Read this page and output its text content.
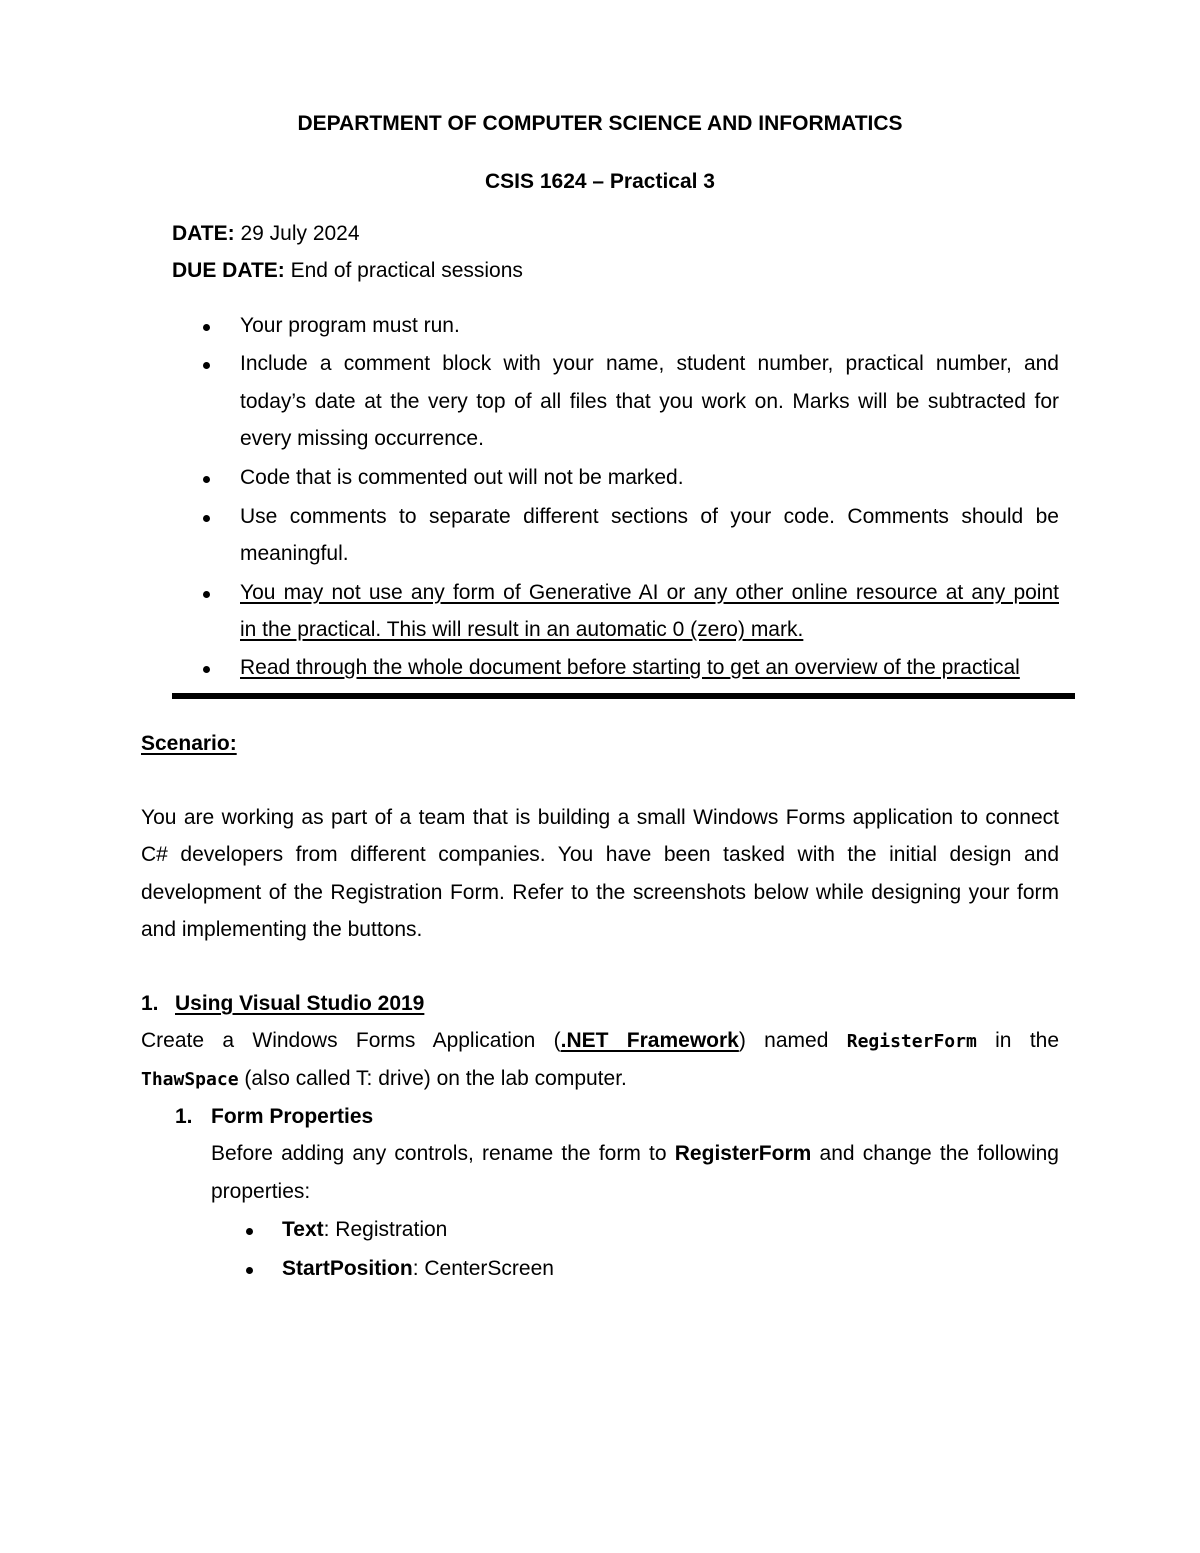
DEPARTMENT OF COMPUTER SCIENCE AND INFORMATICS
CSIS 1624 – Practical 3
DATE: 29 July 2024
DUE DATE: End of practical sessions
Your program must run.
Include a comment block with your name, student number, practical number, and
today’s date at the very top of all files that you work on. Marks will be subtracted for
every missing occurrence.
Code that is commented out will not be marked.
Use comments to separate different sections of your code. Comments should be
meaningful.
You may not use any form of Generative AI or any other online resource at any point
in the practical. This will result in an automatic 0 (zero) mark.
Read through the whole document before starting to get an overview of the practical
Scenario:
You are working as part of a team that is building a small Windows Forms application to connect
C# developers from different companies. You have been tasked with the initial design and
development of the Registration Form. Refer to the screenshots below while designing your form
and implementing the buttons.
1. Using Visual Studio 2019
Create a Windows Forms Application (.NET Framework) named RegisterForm in the
ThawSpace (also called T: drive) on the lab computer.
1. Form Properties
Before adding any controls, rename the form to RegisterForm and change the following
properties:
Text: Registration
StartPosition: CenterScreen
